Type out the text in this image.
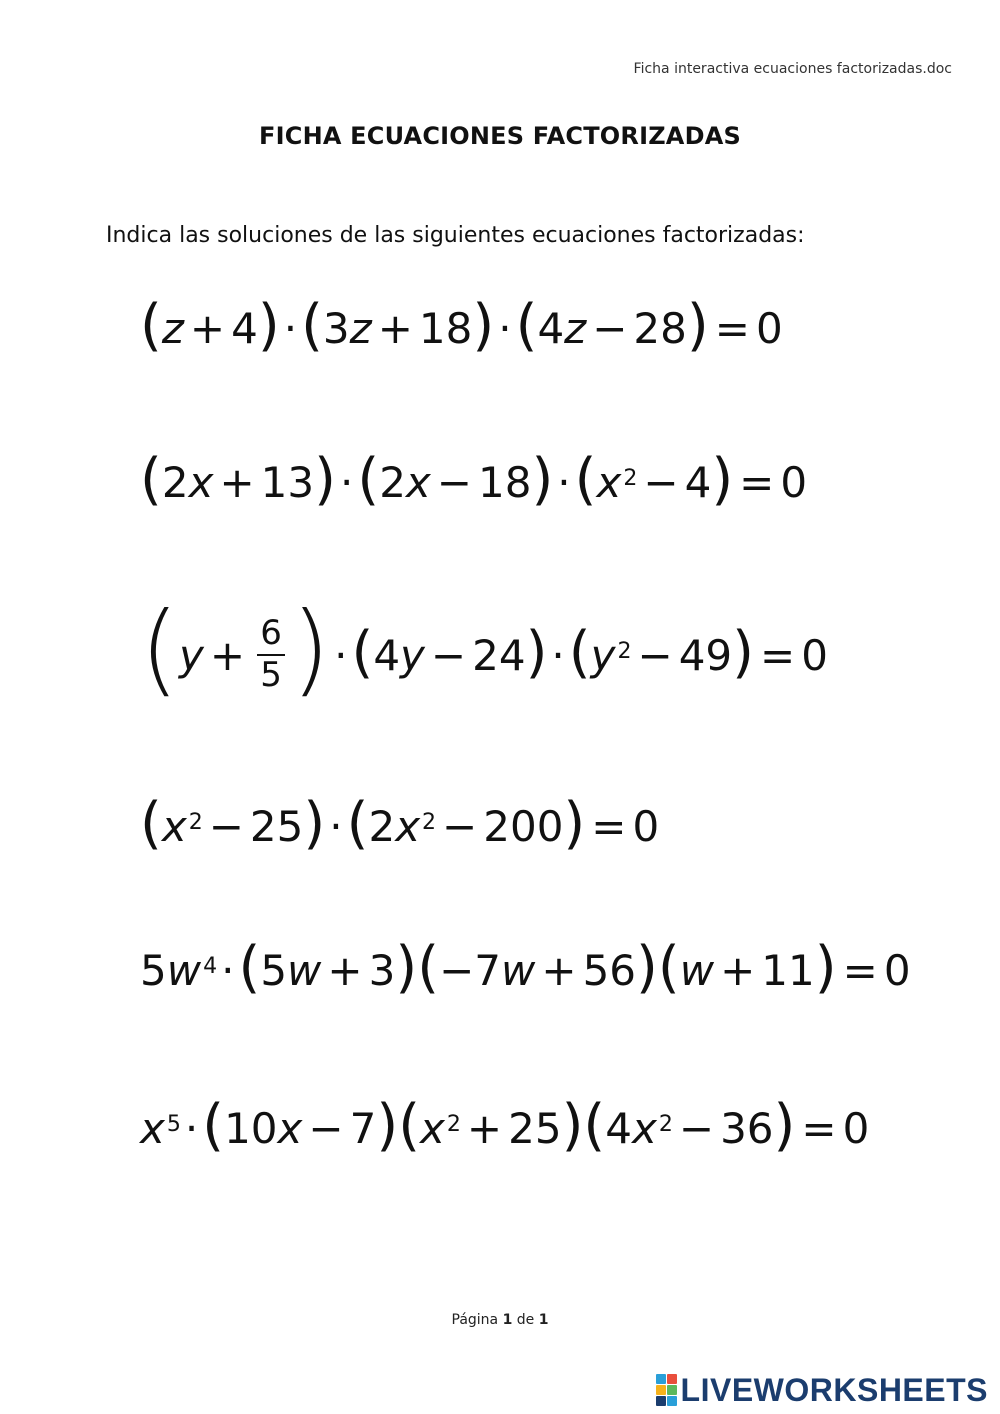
Ficha interactiva ecuaciones factorizadas.doc
FICHA ECUACIONES FACTORIZADAS
Indica las soluciones de las siguientes ecuaciones factorizadas:
( z + 4 ) · ( 3 z + 18 ) · ( 4 z − 28 ) = 0
( 2 x + 13 ) · ( 2 x − 18 ) · ( $x^2 - 4$ ) = 0
( $y + \frac{6}{5}$ ) · ( 4 y − 24 ) · ( $y^2 - 49$ ) = 0
( $x^2 - 25$ ) · ( 2 $x^2 - 200$ ) = 0
5 $w^4$ · ( 5 w + 3 ) ( − 7 w + 56 ) ( w + 11 ) = 0
$x^5$ · ( 10 x − 7 ) ( $x^2 + 25$ ) ( 4 $x^2 - 36$ ) = 0
Página 1 de 1
LIVEWORKSHEETS
